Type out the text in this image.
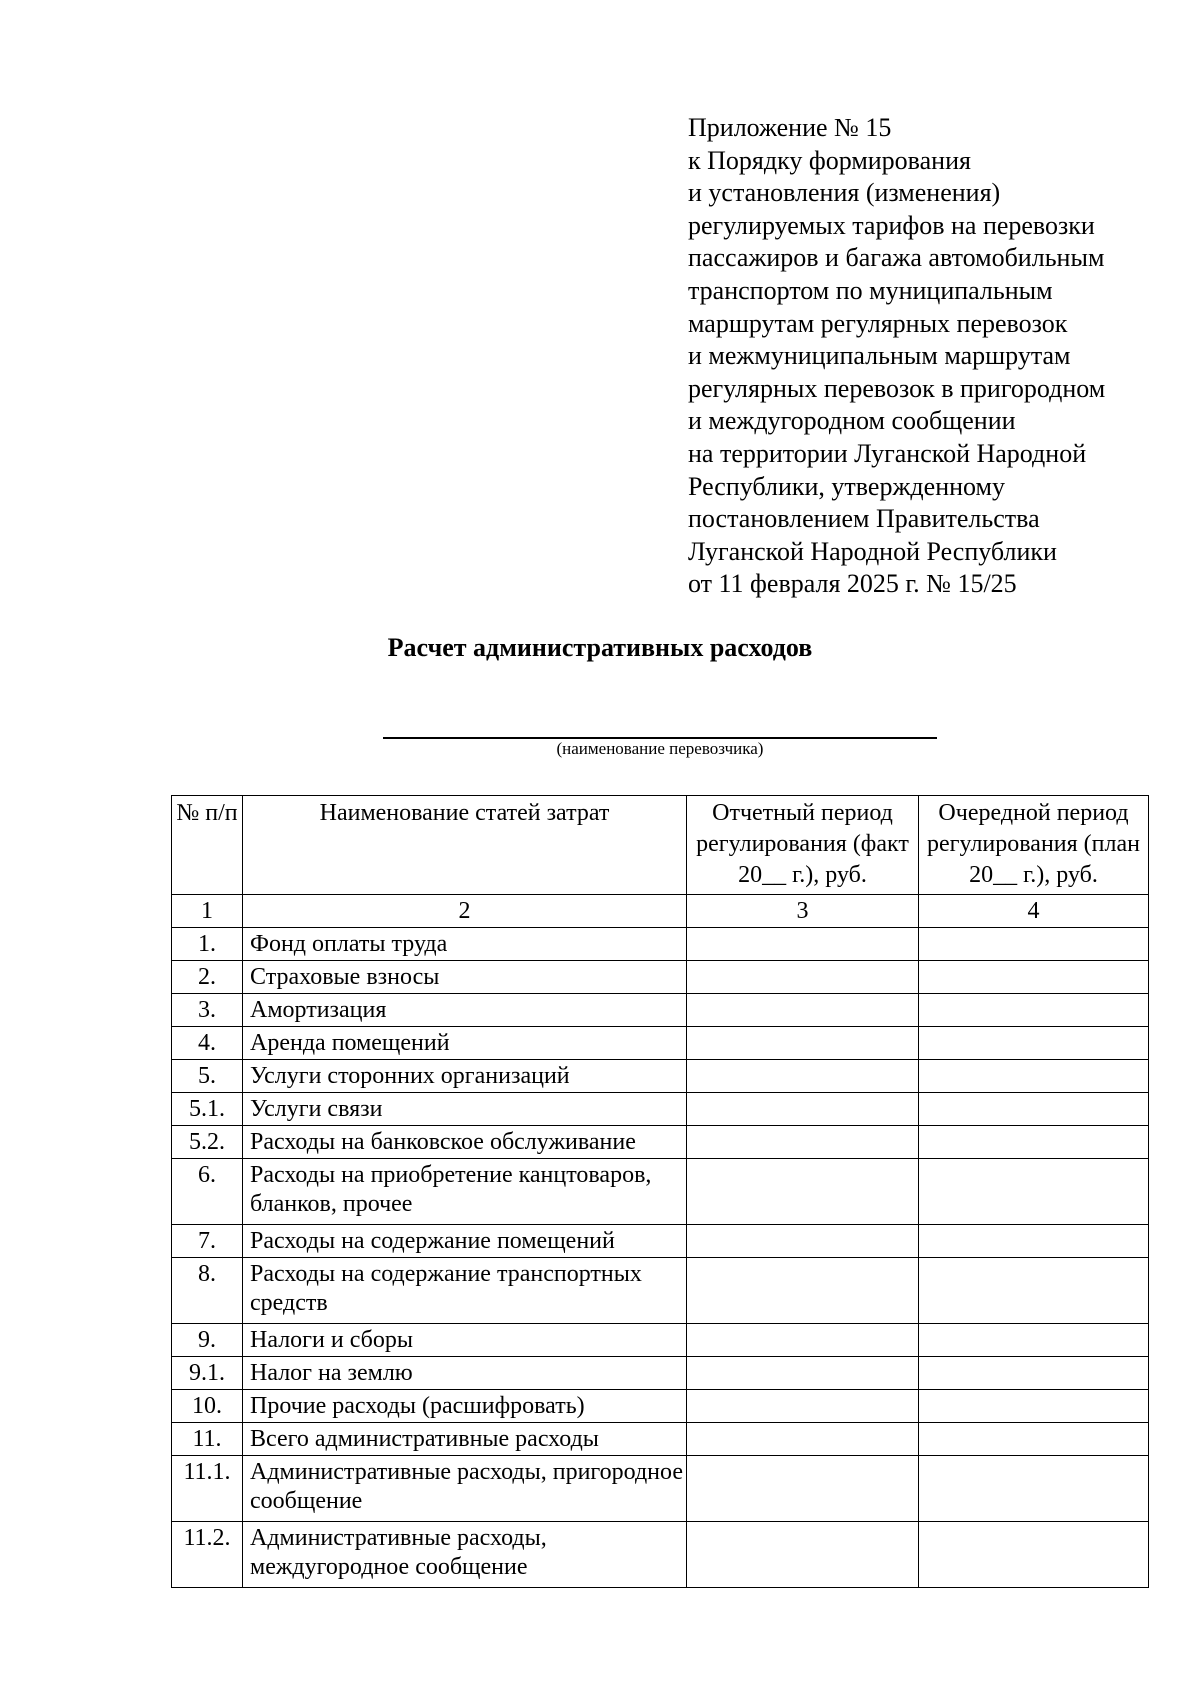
Приложение № 15
к Порядку формирования
и установления (изменения)
регулируемых тарифов на перевозки
пассажиров и багажа автомобильным
транспортом по муниципальным
маршрутам регулярных перевозок
и межмуниципальным маршрутам
регулярных перевозок в пригородном
и междугородном сообщении
на территории Луганской Народной
Республики, утвержденному
постановлением Правительства
Луганской Народной Республики
от 11 февраля 2025 г. № 15/25
Расчет административных расходов
(наименование перевозчика)
№ п/п	Наименование статей затрат	Отчетный период регулирования (факт 20__ г.), руб.	Очередной период регулирования (план 20__ г.), руб.
1	2	3	4
1.	Фонд оплаты труда		
2.	Страховые взносы		
3.	Амортизация		
4.	Аренда помещений		
5.	Услуги сторонних организаций		
5.1.	Услуги связи		
5.2.	Расходы на банковское обслуживание		
6.	Расходы на приобретение канцтоваров, бланков, прочее		
7.	Расходы на содержание помещений		
8.	Расходы на содержание транспортных средств		
9.	Налоги и сборы		
9.1.	Налог на землю		
10.	Прочие расходы (расшифровать)		
11.	Всего административные расходы		
11.1.	Административные расходы, пригородное сообщение		
11.2.	Административные расходы, междугородное сообщение		
